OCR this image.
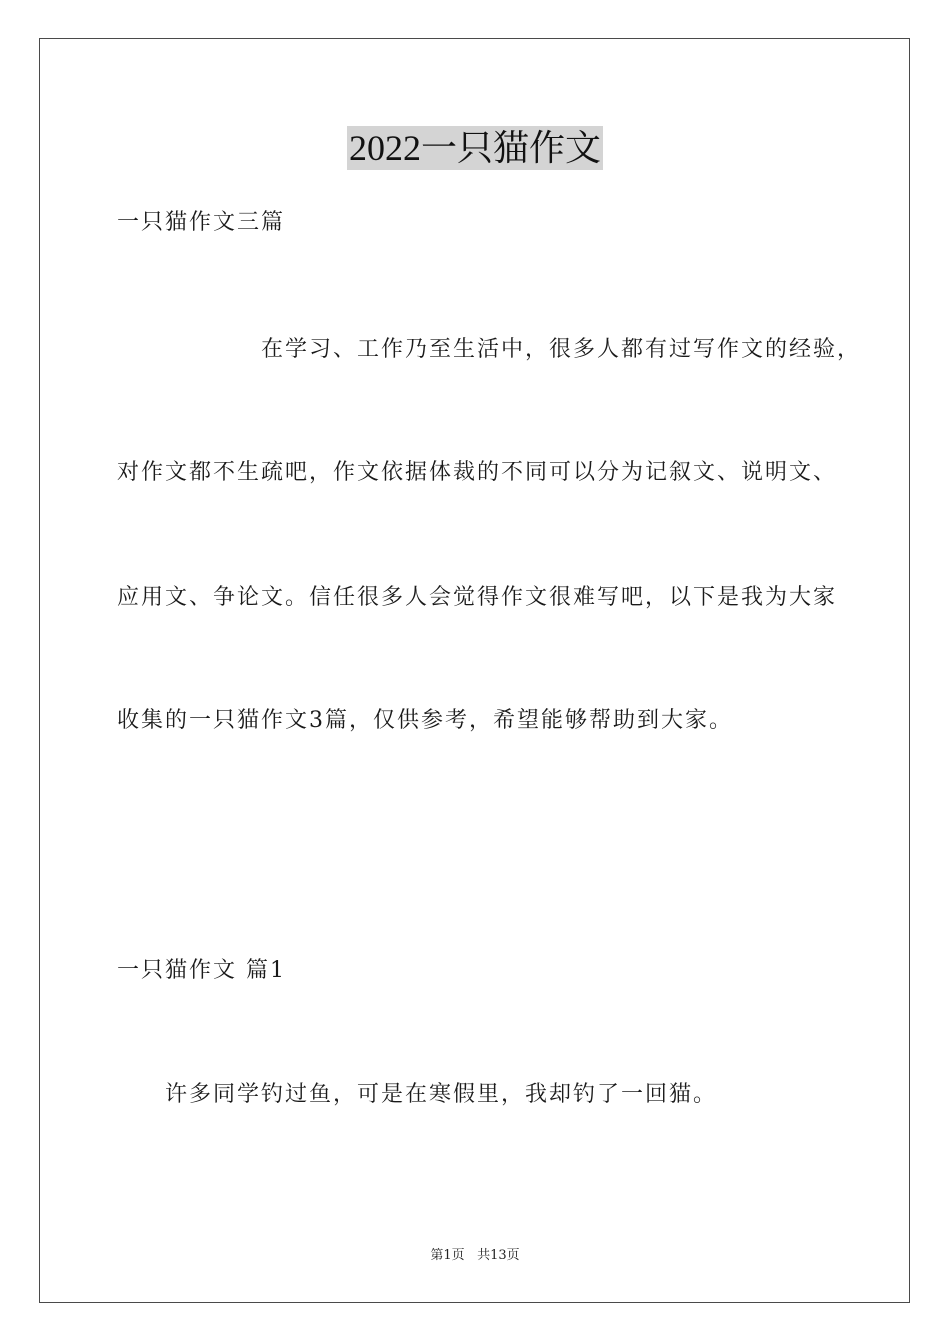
2022一只猫作文
一只猫作文三篇
在学习、工作乃至生活中，很多人都有过写作文的经验，
对作文都不生疏吧，作文依据体裁的不同可以分为记叙文、说明文、
应用文、争论文。信任很多人会觉得作文很难写吧，以下是我为大家
收集的一只猫作文3篇，仅供参考，希望能够帮助到大家。
一只猫作文 篇1
许多同学钓过鱼，可是在寒假里，我却钓了一回猫。
第1页 共13页
